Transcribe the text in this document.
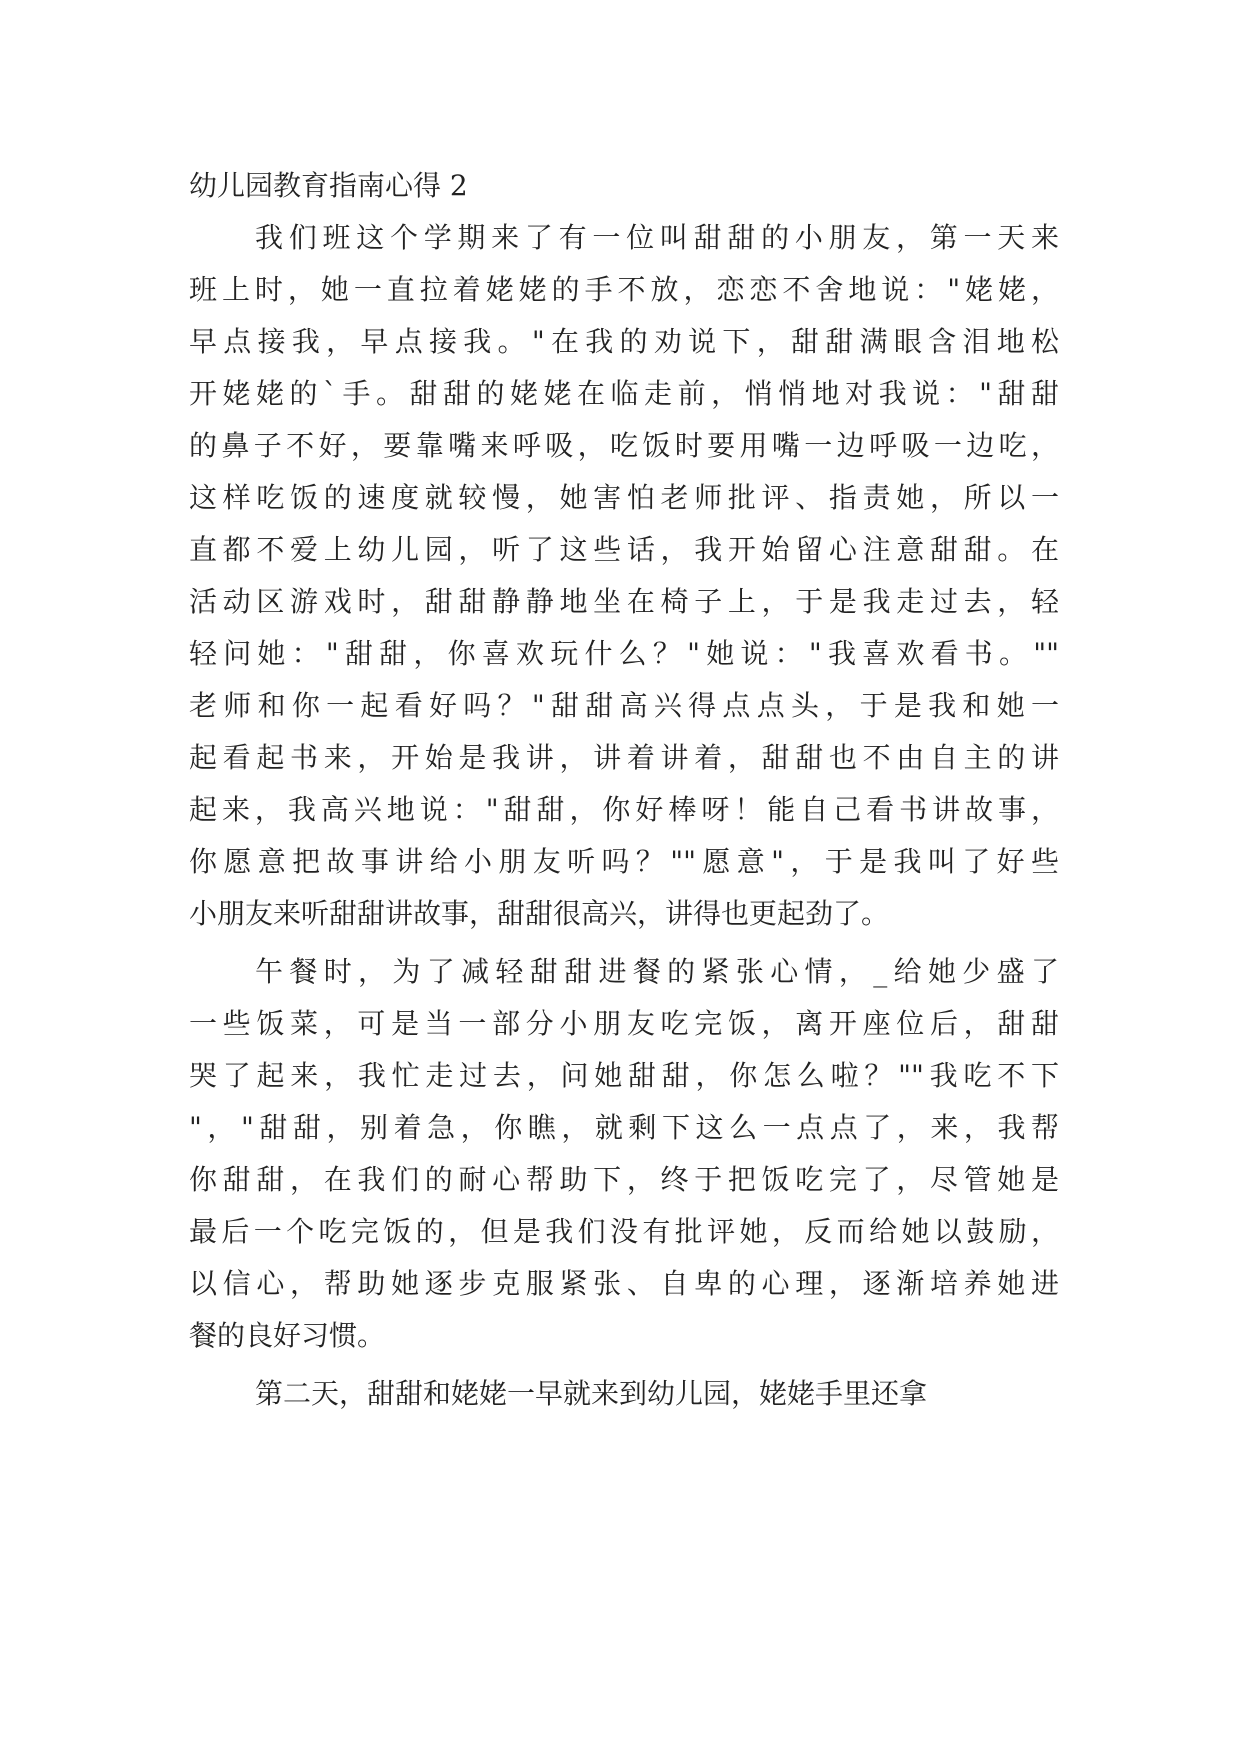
幼儿园教育指南心得 2

我们班这个学期来了有一位叫甜甜的小朋友，第一天来

班上时，她一直拉着姥姥的手不放，恋恋不舍地说："姥姥，

早点接我，早点接我。"在我的劝说下，甜甜满眼含泪地松

开姥姥的`手。甜甜的姥姥在临走前，悄悄地对我说："甜甜

的鼻子不好，要靠嘴来呼吸，吃饭时要用嘴一边呼吸一边吃，

这样吃饭的速度就较慢，她害怕老师批评、指责她，所以一

直都不爱上幼儿园，听了这些话，我开始留心注意甜甜。在

活动区游戏时，甜甜静静地坐在椅子上，于是我走过去，轻

轻问她："甜甜，你喜欢玩什么？"她说："我喜欢看书。""

老师和你一起看好吗？"甜甜高兴得点点头，于是我和她一

起看起书来，开始是我讲，讲着讲着，甜甜也不由自主的讲

起来，我高兴地说："甜甜，你好棒呀！能自己看书讲故事，

你愿意把故事讲给小朋友听吗？""愿意"，于是我叫了好些

小朋友来听甜甜讲故事，甜甜很高兴，讲得也更起劲了。

午餐时，为了减轻甜甜进餐的紧张心情，_给她少盛了

一些饭菜，可是当一部分小朋友吃完饭，离开座位后，甜甜

哭了起来，我忙走过去，问她甜甜，你怎么啦？""我吃不下

"，"甜甜，别着急，你瞧，就剩下这么一点点了，来，我帮

你甜甜，在我们的耐心帮助下，终于把饭吃完了，尽管她是

最后一个吃完饭的，但是我们没有批评她，反而给她以鼓励，

以信心，帮助她逐步克服紧张、自卑的心理，逐渐培养她进

餐的良好习惯。

第二天，甜甜和姥姥一早就来到幼儿园，姥姥手里还拿
